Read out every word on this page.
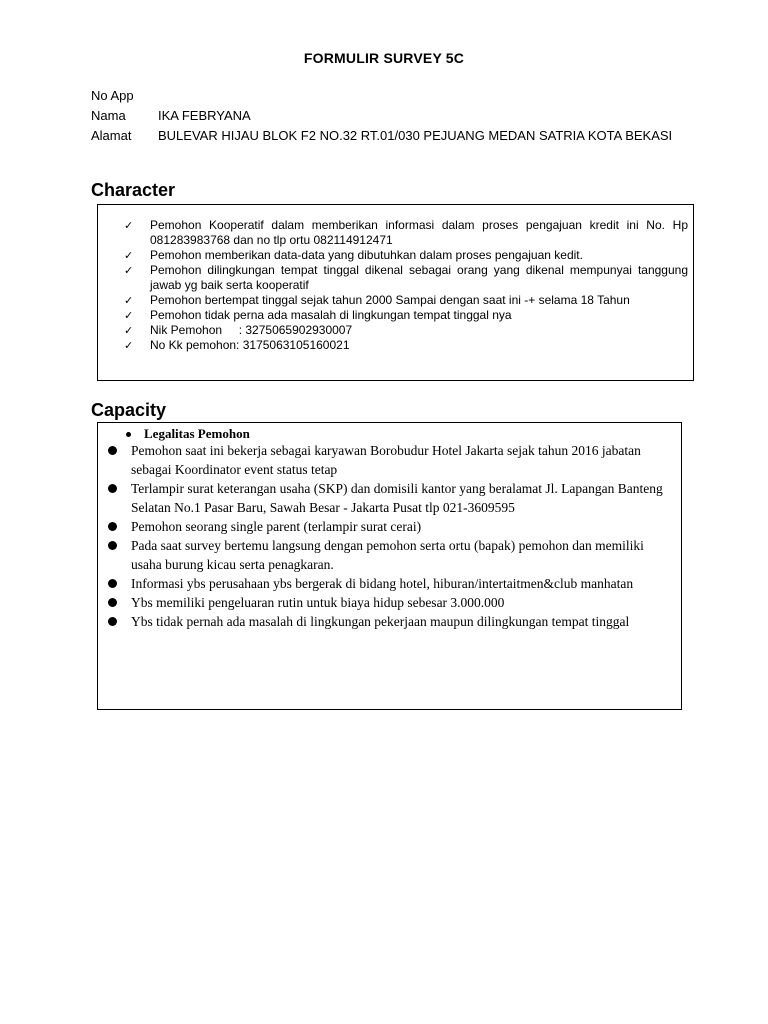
FORMULIR SURVEY 5C
No App
Nama IKA FEBRYANA
Alamat BULEVAR HIJAU BLOK F2 NO.32 RT.01/030 PEJUANG MEDAN SATRIA KOTA BEKASI
Character
✓ Pemohon Kooperatif dalam memberikan informasi dalam proses pengajuan kredit ini No. Hp 081283983768 dan no tlp ortu 082114912471
✓ Pemohon memberikan data-data yang dibutuhkan dalam proses pengajuan kedit.
✓ Pemohon dilingkungan tempat tinggal dikenal sebagai orang yang dikenal mempunyai tanggung jawab yg baik serta kooperatif
✓ Pemohon bertempat tinggal sejak tahun 2000 Sampai dengan saat ini -+ selama 18 Tahun
✓ Pemohon tidak perna ada masalah di lingkungan tempat tinggal nya
✓ Nik Pemohon     : 3275065902930007
✓ No Kk pemohon: 3175063105160021
Capacity
Legalitas Pemohon
Pemohon saat ini bekerja sebagai karyawan Borobudur Hotel Jakarta sejak tahun 2016 jabatan sebagai Koordinator event status tetap
Terlampir surat keterangan usaha (SKP) dan domisili kantor yang beralamat Jl. Lapangan Banteng Selatan No.1 Pasar Baru, Sawah Besar - Jakarta Pusat tlp 021-3609595
Pemohon seorang single parent (terlampir surat cerai)
Pada saat survey bertemu langsung dengan pemohon serta ortu (bapak) pemohon dan memiliki usaha burung kicau serta penagkaran.
Informasi ybs perusahaan ybs bergerak di bidang hotel, hiburan/intertaitmen&club manhatan
Ybs memiliki pengeluaran rutin untuk biaya hidup sebesar 3.000.000
Ybs tidak pernah ada masalah di lingkungan pekerjaan maupun dilingkungan tempat tinggal
